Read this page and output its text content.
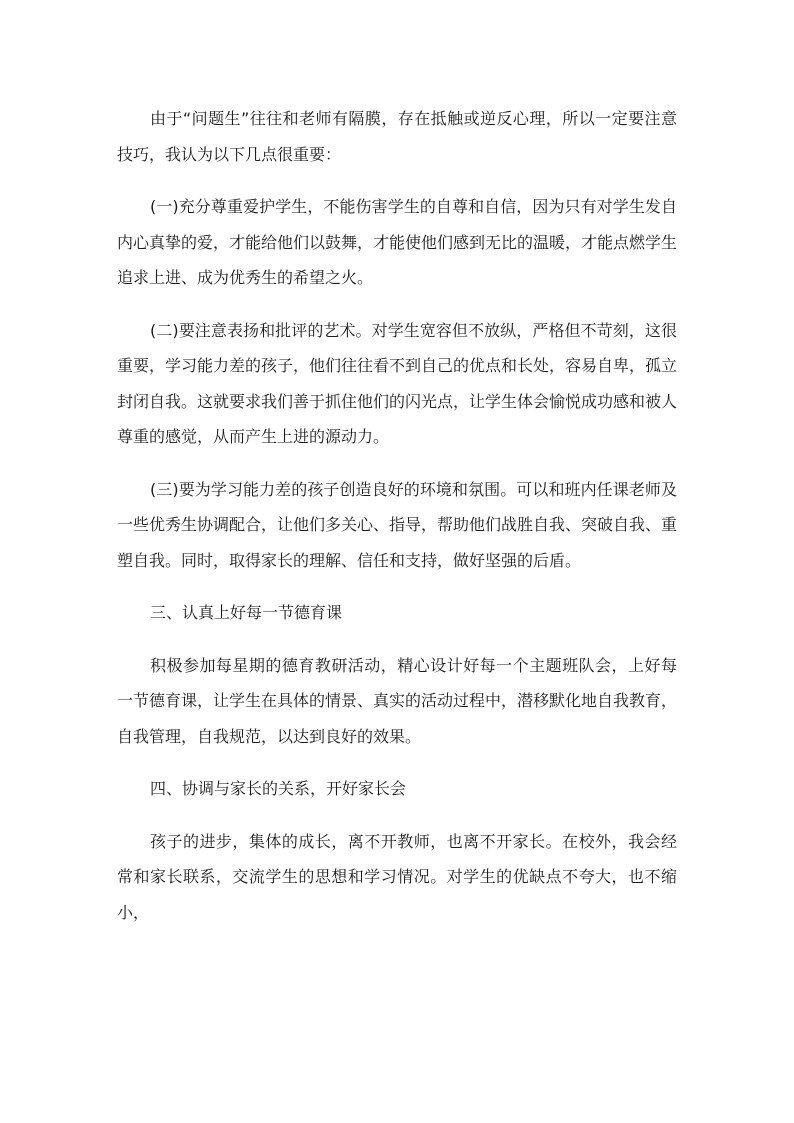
由于“问题生”往往和老师有隔膜，存在抵触或逆反心理，所以一定要注意技巧，我认为以下几点很重要：

(一)充分尊重爱护学生，不能伤害学生的自尊和自信，因为只有对学生发自内心真挚的爱，才能给他们以鼓舞，才能使他们感到无比的温暖，才能点燃学生追求上进、成为优秀生的希望之火。

(二)要注意表扬和批评的艺术。对学生宽容但不放纵，严格但不苛刻，这很重要，学习能力差的孩子，他们往往看不到自己的优点和长处，容易自卑，孤立封闭自我。这就要求我们善于抓住他们的闪光点，让学生体会愉悦成功感和被人尊重的感觉，从而产生上进的源动力。

(三)要为学习能力差的孩子创造良好的环境和氛围。可以和班内任课老师及一些优秀生协调配合，让他们多关心、指导，帮助他们战胜自我、突破自我、重塑自我。同时，取得家长的理解、信任和支持，做好坚强的后盾。

三、认真上好每一节德育课

积极参加每星期的德育教研活动，精心设计好每一个主题班队会，上好每一节德育课，让学生在具体的情景、真实的活动过程中，潜移默化地自我教育，自我管理，自我规范，以达到良好的效果。

四、协调与家长的关系，开好家长会

孩子的进步，集体的成长，离不开教师，也离不开家长。在校外，我会经常和家长联系，交流学生的思想和学习情况。对学生的优缺点不夸大，也不缩小，
